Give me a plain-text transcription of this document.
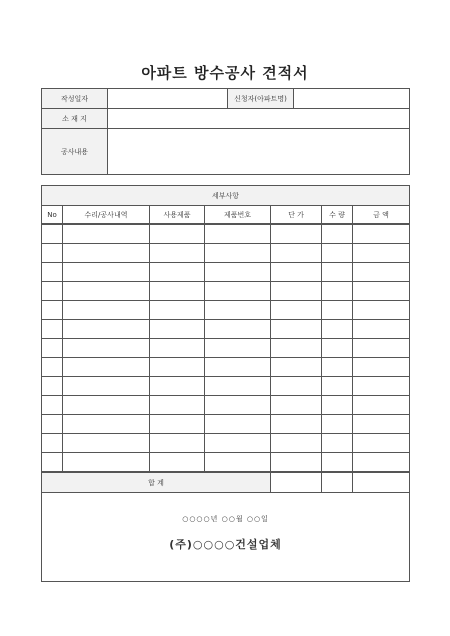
아파트 방수공사 견적서
작성일자		신청자(아파트명)	
소 재 지			
공사내용			
세부사항						
No	수리/공사내역	사용제품	제품번호	단 가	수 량	금 액

합 계						

○○○○년 ○○월 ○○일
(주)○○○○건설업체						
